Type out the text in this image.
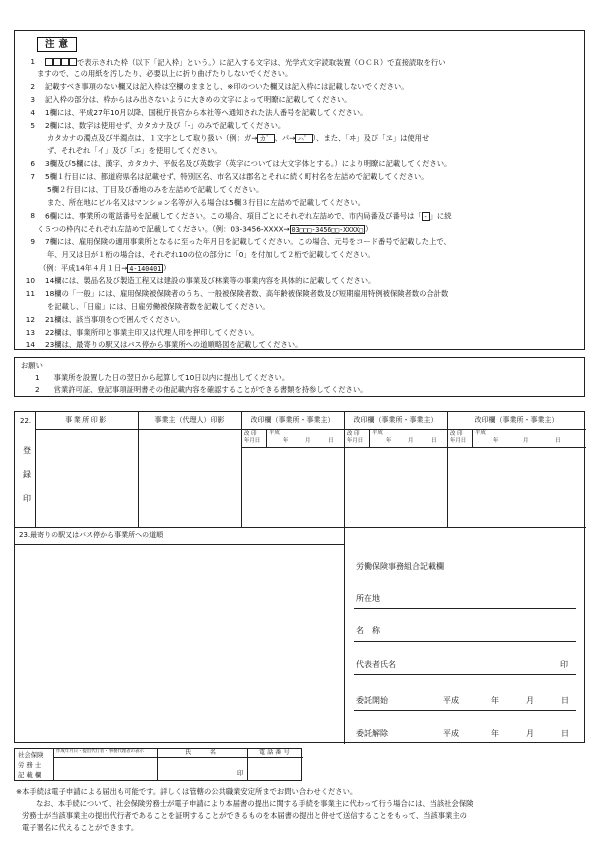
注意
1	で表示された枠（以下「記入枠」という。）に記入する文字は、光学式文字読取装置（ＯＣＲ）で直接読取を行い
ますので、この用紙を汚したり、必要以上に折り曲げたりしないでください。
2 記載すべき事項のない欄又は記入枠は空欄のままとし、※印のついた欄又は記入枠には記載しないでください。
3 記入枠の部分は、枠からはみ出さないように大きめの文字によって明瞭に記載してください。
4 1欄には、平成27年10月以降、国税庁長官から本社等へ通知された法人番号を記載してください。
5 2欄には、数字は使用せず、カタカナ及び「-」のみで記載してください。
カタカナの濁点及び半濁点は、１文字として取り扱い（例：ガ→ カ゛ 、パ→ ハ゜ ）、また、「ヰ」及び「ヱ」は使用せ
ず、それぞれ「イ」及び「エ」を使用してください。
6 3欄及び5欄には、漢字、カタカナ、平仮名及び英数字（英字については大文字体とする。）により明瞭に記載してください。
7 5欄１行目には、都道府県名は記載せず、特別区名、市名又は郡名とそれに続く町村名を左詰めで記載してください。
5欄２行目には、丁目及び番地のみを左詰めで記載してください。
また、所在地にビル名又はマンション名等が入る場合は5欄３行目に左詰めで記載してください。
8 6欄には、事業所の電話番号を記載してください。この場合、項目ごとにそれぞれ左詰めで、市内局番及び番号は「 - 」に続
く５つの枠内にそれぞれ左詰めで記載してください。（例：03-3456-XXXX→ 03□□□-3456□□-XXXX□ ）
9 7欄には、雇用保険の適用事業所となるに至った年月日を記載してください。この場合、元号をコード番号で記載した上で、
年、月又は日が１桁の場合は、それぞれ10の位の部分に「0」を付加して２桁で記載してください。
（例：平成14年４月１日→ 4-140401 ）
10 14欄には、製品名及び製造工程又は建設の事業及び林業等の事業内容を具体的に記載してください。
11 18欄の「一般」には、雇用保険被保険者のうち、一般被保険者数、高年齢被保険者数及び短期雇用特例被保険者数の合計数
を記載し、「日雇」には、日雇労働被保険者数を記載してください。
12 21欄は、該当事項を○で囲んでください。
13 22欄は、事業所印と事業主印又は代理人印を押印してください。
14 23欄は、最寄りの駅又はバス停から事業所への道順略図を記載してください。
お願い
1 事業所を設置した日の翌日から起算して10日以内に提出してください。
2 営業許可証、登記事項証明書その他記載内容を確認することができる書類を持参してください。
22.
登
録
印
事業所印影	事業主（代理人）印影	改印欄（事業所・事業主）	改印欄（事業所・事業主）	改印欄（事業所・事業主）
改 印
年月日
平成
年	月	日
改 印
年月日
平成
年	月	日
改 印
年月日
平成
年	月	日
23.最寄りの駅又はバス停から事業所への道順
労働保険事務組合記載欄
所在地
名　称
代表者氏名	印
委託開始	平成	年	月	日
委託解除	平成	年	月	日
社会保険
労 務 士
記 載 欄
作成年月日・提出代行者・事務代理者の表示	氏　　　名	電 話 番 号
印
※本手続は電子申請による届出も可能です。詳しくは管轄の公共職業安定所までお問い合わせください。
なお、本手続について、社会保険労務士が電子申請により本届書の提出に関する手続を事業主に代わって行う場合には、当該社会保険
労務士が当該事業主の提出代行者であることを証明することができるものを本届書の提出と併せて送信することをもって、当該事業主の
電子署名に代えることができます。
